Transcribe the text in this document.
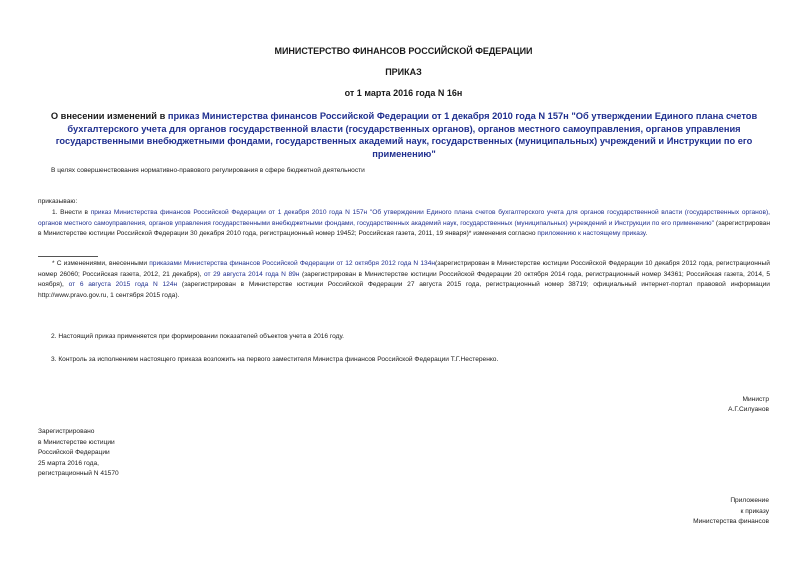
МИНИСТЕРСТВО ФИНАНСОВ РОССИЙСКОЙ ФЕДЕРАЦИИ
ПРИКАЗ
от 1 марта 2016 года N 16н
О внесении изменений в приказ Министерства финансов Российской Федерации от 1 декабря 2010 года N 157н "Об утверждении Единого плана счетов бухгалтерского учета для органов государственной власти (государственных органов), органов местного самоуправления, органов управления государственными внебюджетными фондами, государственных академий наук, государственных (муниципальных) учреждений и Инструкции по его применению"
В целях совершенствования нормативно-правового регулирования в сфере бюджетной деятельности
приказываю:
1. Внести в приказ Министерства финансов Российской Федерации от 1 декабря 2010 года N 157н "Об утверждении Единого плана счетов бухгалтерского учета для органов государственной власти (государственных органов), органов местного самоуправления, органов управления государственными внебюджетными фондами, государственных академий наук, государственных (муниципальных) учреждений и Инструкции по его применению" (зарегистрирован в Министерстве юстиции Российской Федерации 30 декабря 2010 года, регистрационный номер 19452; Российская газета, 2011, 19 января)* изменения согласно приложению к настоящему приказу.
* С изменениями, внесенными приказами Министерства финансов Российской Федерации от 12 октября 2012 года N 134н(зарегистрирован в Министерстве юстиции Российской Федерации 10 декабря 2012 года, регистрационный номер 26060; Российская газета, 2012, 21 декабря), от 29 августа 2014 года N 89н (зарегистрирован в Министерстве юстиции Российской Федерации 20 октября 2014 года, регистрационный номер 34361; Российская газета, 2014, 5 ноября), от 6 августа 2015 года N 124н (зарегистрирован в Министерстве юстиции Российской Федерации 27 августа 2015 года, регистрационный номер 38719; официальный интернет-портал правовой информации http://www.pravo.gov.ru, 1 сентября 2015 года).
2. Настоящий приказ применяется при формировании показателей объектов учета в 2016 году.
3. Контроль за исполнением настоящего приказа возложить на первого заместителя Министра финансов Российской Федерации Т.Г.Нестеренко.
Министр
А.Г.Силуанов
Зарегистрировано
в Министерстве юстиции
Российской Федерации
25 марта 2016 года,
регистрационный N 41570
Приложение
к приказу
Министерства финансов
